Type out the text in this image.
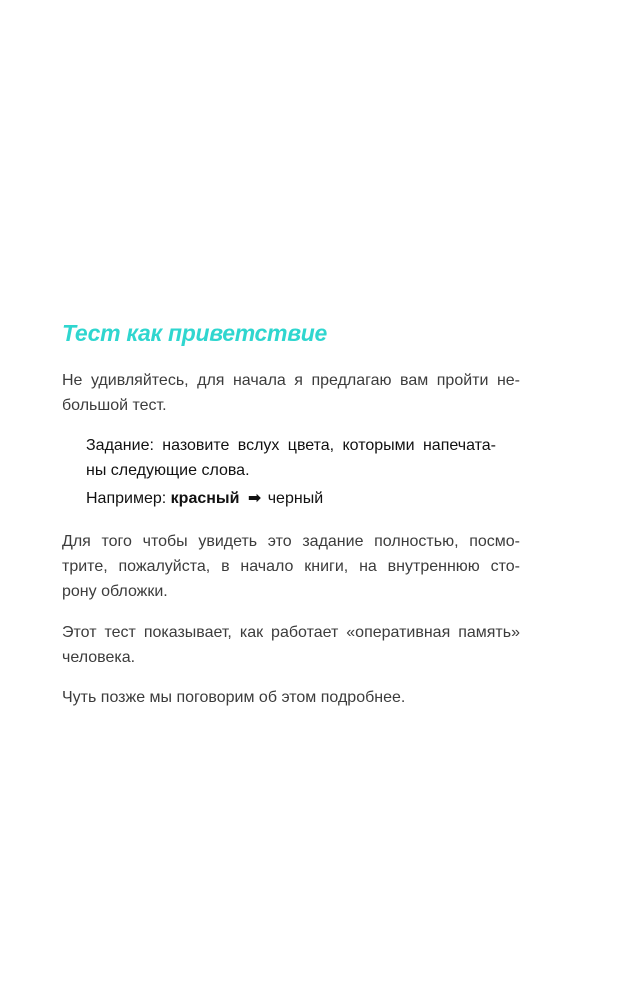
Тест как приветствие

Не удивляйтесь, для начала я предлагаю вам пройти не-
большой тест.

Задание: назовите вслух цвета, которыми напечата-
ны следующие слова.

Например: красный ➡ черный

Для того чтобы увидеть это задание полностью, посмо-
трите, пожалуйста, в начало книги, на внутреннюю сто-
рону обложки.

Этот тест показывает, как работает «оперативная память»
человека.

Чуть позже мы поговорим об этом подробнее.
